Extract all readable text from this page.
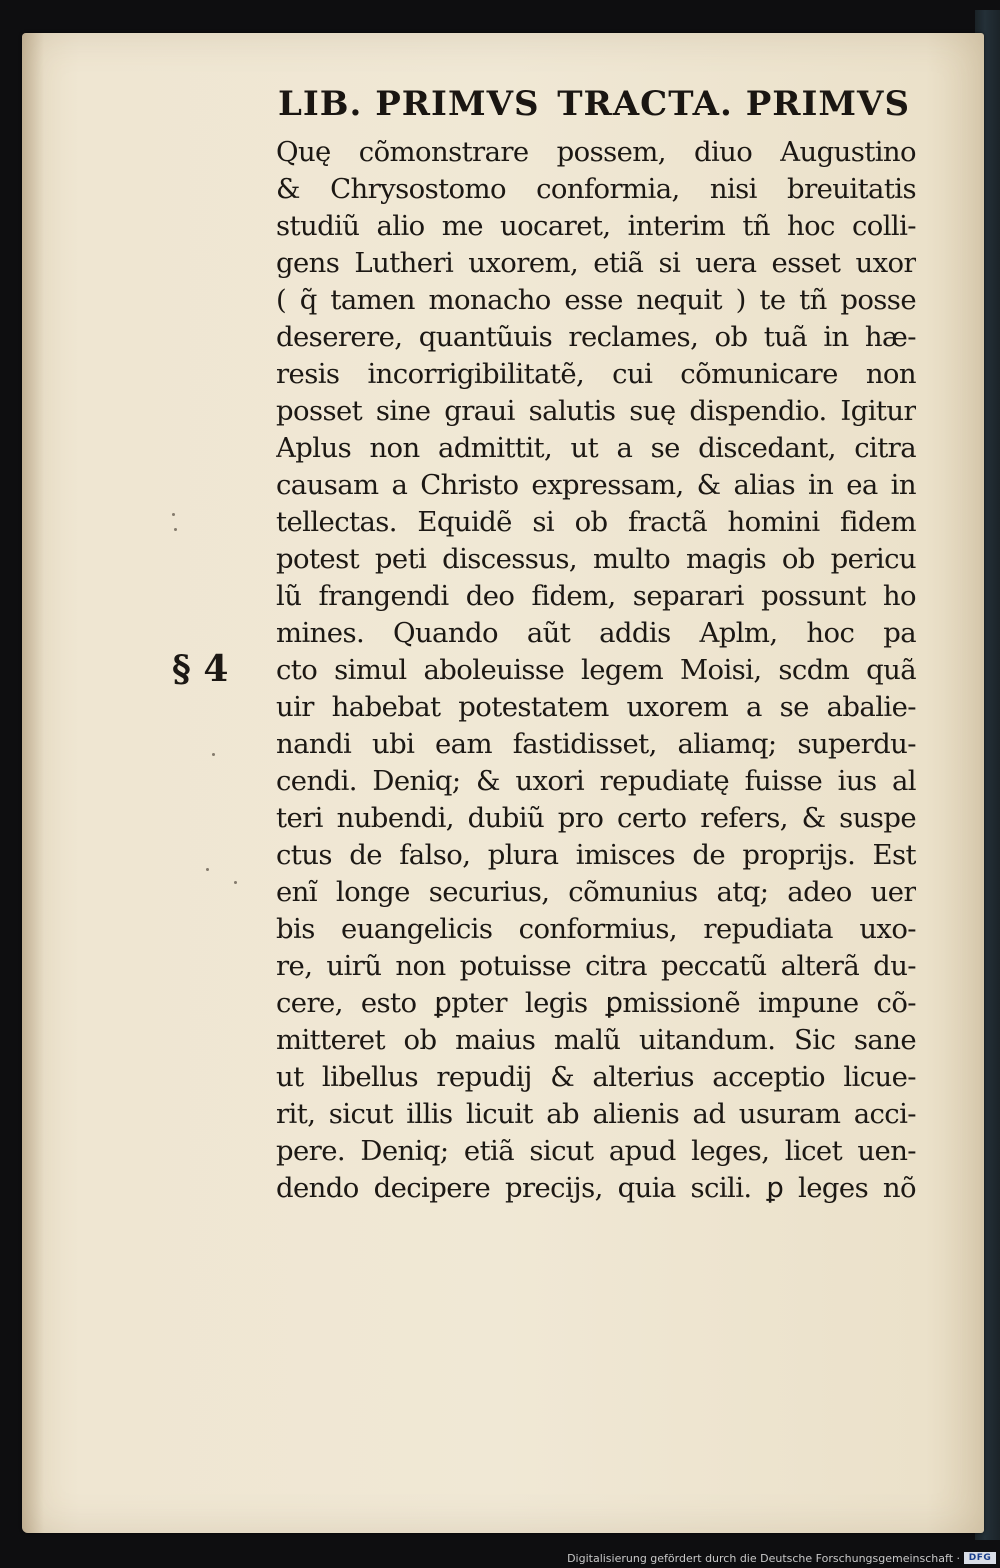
LIB. PRIMVS TRACTA. PRIMVS
§ 4
Quę cõmonstrare possem, diuo Augustino
& Chrysostomo conformia, nisi breuitatis
studiũ alio me uocaret, interim tñ hoc colli-
gens Lutheri uxorem, etiã si uera esset uxor
( q̃ tamen monacho esse nequit ) te tñ posse
deserere, quantũuis reclames, ob tuã in hæ-
resis incorrigibilitatẽ, cui cõmunicare non
posset sine graui salutis suę dispendio. Igitur
Aplus non admittit, ut a se discedant, citra
causam a Christo expressam, & alias in ea in
tellectas. Equidẽ si ob fractã homini fidem
potest peti discessus, multo magis ob pericu
lũ frangendi deo fidem, separari possunt ho
mines. Quando aũt addis Aplm, hoc pa
cto simul aboleuisse legem Moisi, scdm quã
uir habebat potestatem uxorem a se abalie-
nandi ubi eam fastidisset, aliamq; superdu-
cendi. Deniq; & uxori repudiatę fuisse ius al
teri nubendi, dubiũ pro certo refers, & suspe
ctus de falso, plura imisces de proprijs. Est
enĩ longe securius, cõmunius atq; adeo uer
bis euangelicis conformius, repudiata uxo-
re, uirũ non potuisse citra peccatũ alterã du-
cere, esto ꝑpter legis ꝑmissionẽ impune cõ-
mitteret ob maius malũ uitandum. Sic sane
ut libellus repudij & alterius acceptio licue-
rit, sicut illis licuit ab alienis ad usuram acci-
pere. Deniq; etiã sicut apud leges, licet uen-
dendo decipere precijs, quia scili. ꝑ leges nõ
Digitalisierung gefördert durch die Deutsche Forschungsgemeinschaft · DFG
